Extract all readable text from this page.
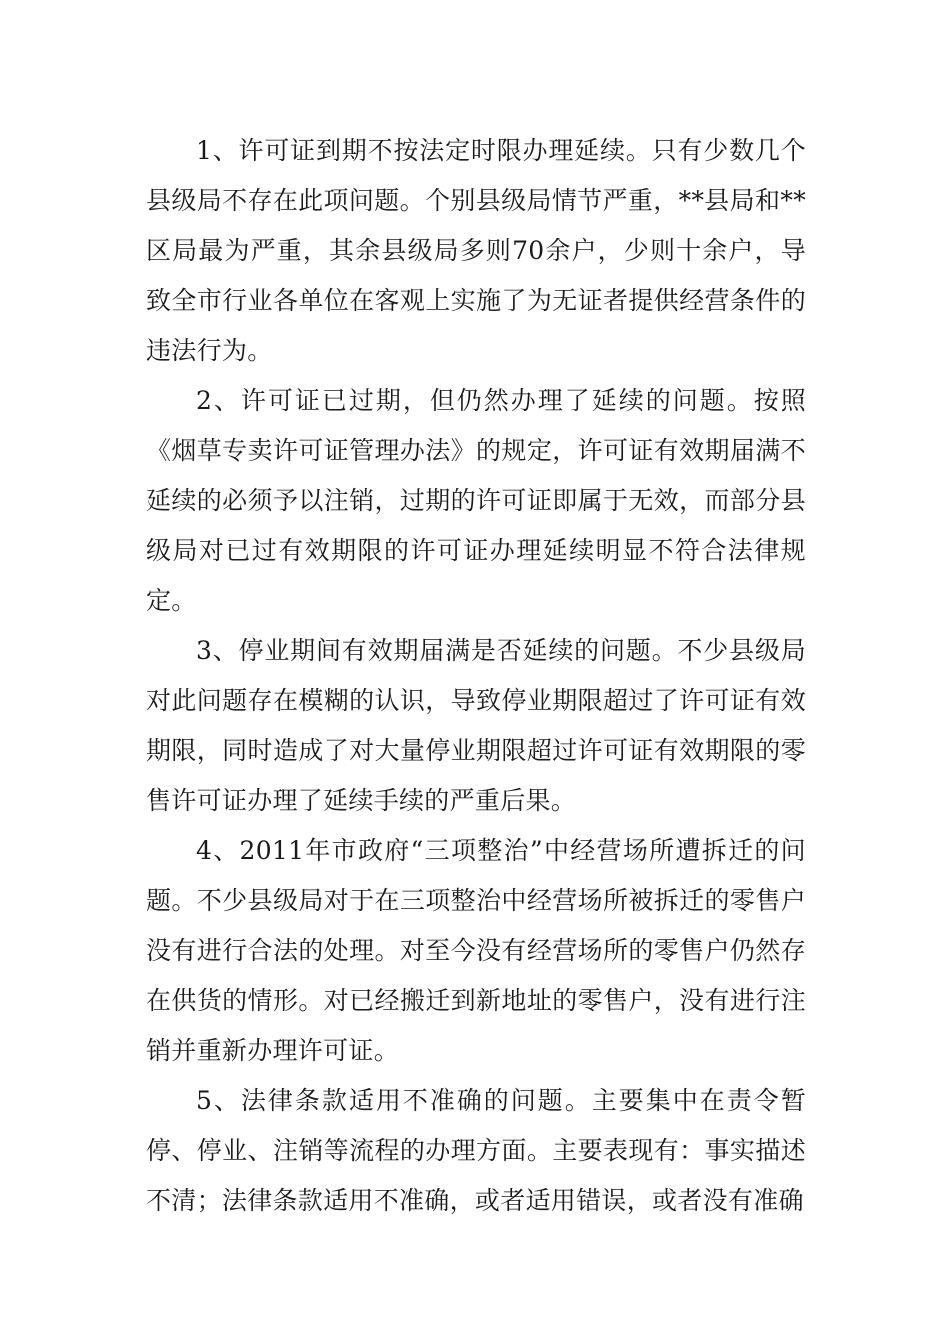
1、许可证到期不按法定时限办理延续。只有少数几个县级局不存在此项问题。个别县级局情节严重，**县局和**区局最为严重，其余县级局多则70余户，少则十余户，导致全市行业各单位在客观上实施了为无证者提供经营条件的违法行为。

2、许可证已过期，但仍然办理了延续的问题。按照《烟草专卖许可证管理办法》的规定，许可证有效期届满不延续的必须予以注销，过期的许可证即属于无效，而部分县级局对已过有效期限的许可证办理延续明显不符合法律规定。

3、停业期间有效期届满是否延续的问题。不少县级局对此问题存在模糊的认识，导致停业期限超过了许可证有效期限，同时造成了对大量停业期限超过许可证有效期限的零售许可证办理了延续手续的严重后果。

4、2011年市政府“三项整治”中经营场所遭拆迁的问题。不少县级局对于在三项整治中经营场所被拆迁的零售户没有进行合法的处理。对至今没有经营场所的零售户仍然存在供货的情形。对已经搬迁到新地址的零售户，没有进行注销并重新办理许可证。

5、法律条款适用不准确的问题。主要集中在责令暂停、停业、注销等流程的办理方面。主要表现有：事实描述不清；法律条款适用不准确，或者适用错误，或者没有准确
